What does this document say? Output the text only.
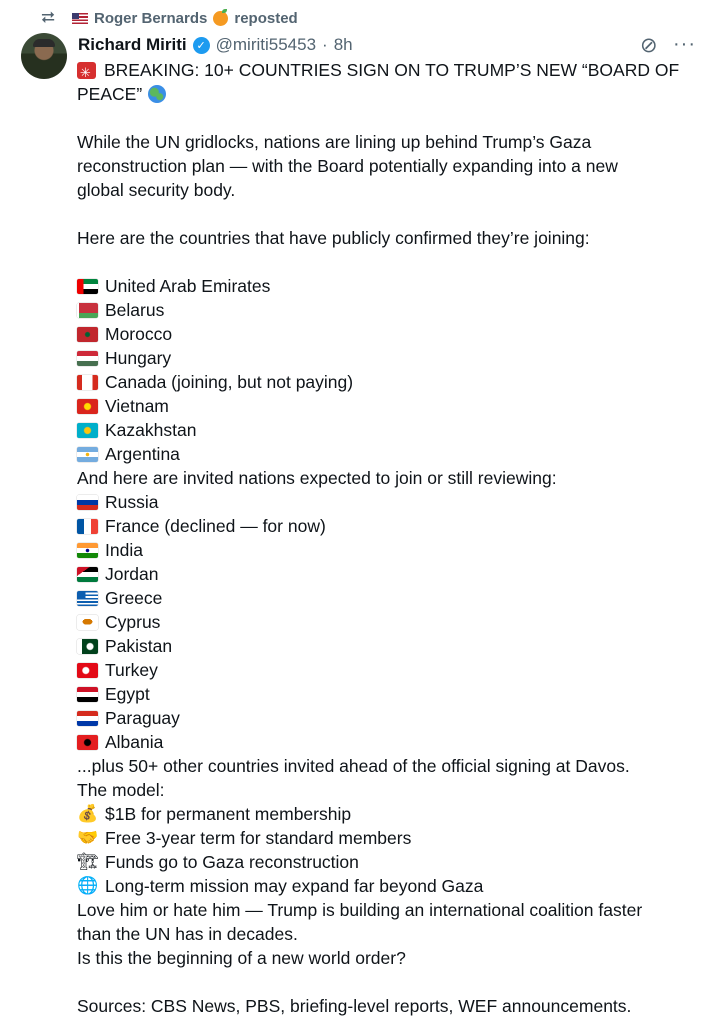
⮂	Roger Bernards reposted
Richard Miriti ✓ @miriti55453 · 8h	⊘ ···
✳
BREAKING: 10+ COUNTRIES SIGN ON TO TRUMP’S NEW “BOARD OF
PEACE”
While the UN gridlocks, nations are lining up behind Trump’s Gaza
reconstruction plan — with the Board potentially expanding into a new
global security body.
Here are the countries that have publicly confirmed they’re joining:
United Arab Emirates
Belarus
Morocco
Hungary
Canada (joining, but not paying)
Vietnam
Kazakhstan
Argentina
And here are invited nations expected to join or still reviewing:
Russia
France (declined — for now)
India
Jordan
Greece
Cyprus
Pakistan
Turkey
Egypt
Paraguay
Albania
...plus 50+ other countries invited ahead of the official signing at Davos.
The model:
💰 $1B for permanent membership
🤝 Free 3-year term for standard members
🏗 Funds go to Gaza reconstruction
🌐 Long-term mission may expand far beyond Gaza
Love him or hate him — Trump is building an international coalition faster
than the UN has in decades.
Is this the beginning of a new world order?
Sources: CBS News, PBS, briefing-level reports, WEF announcements.
